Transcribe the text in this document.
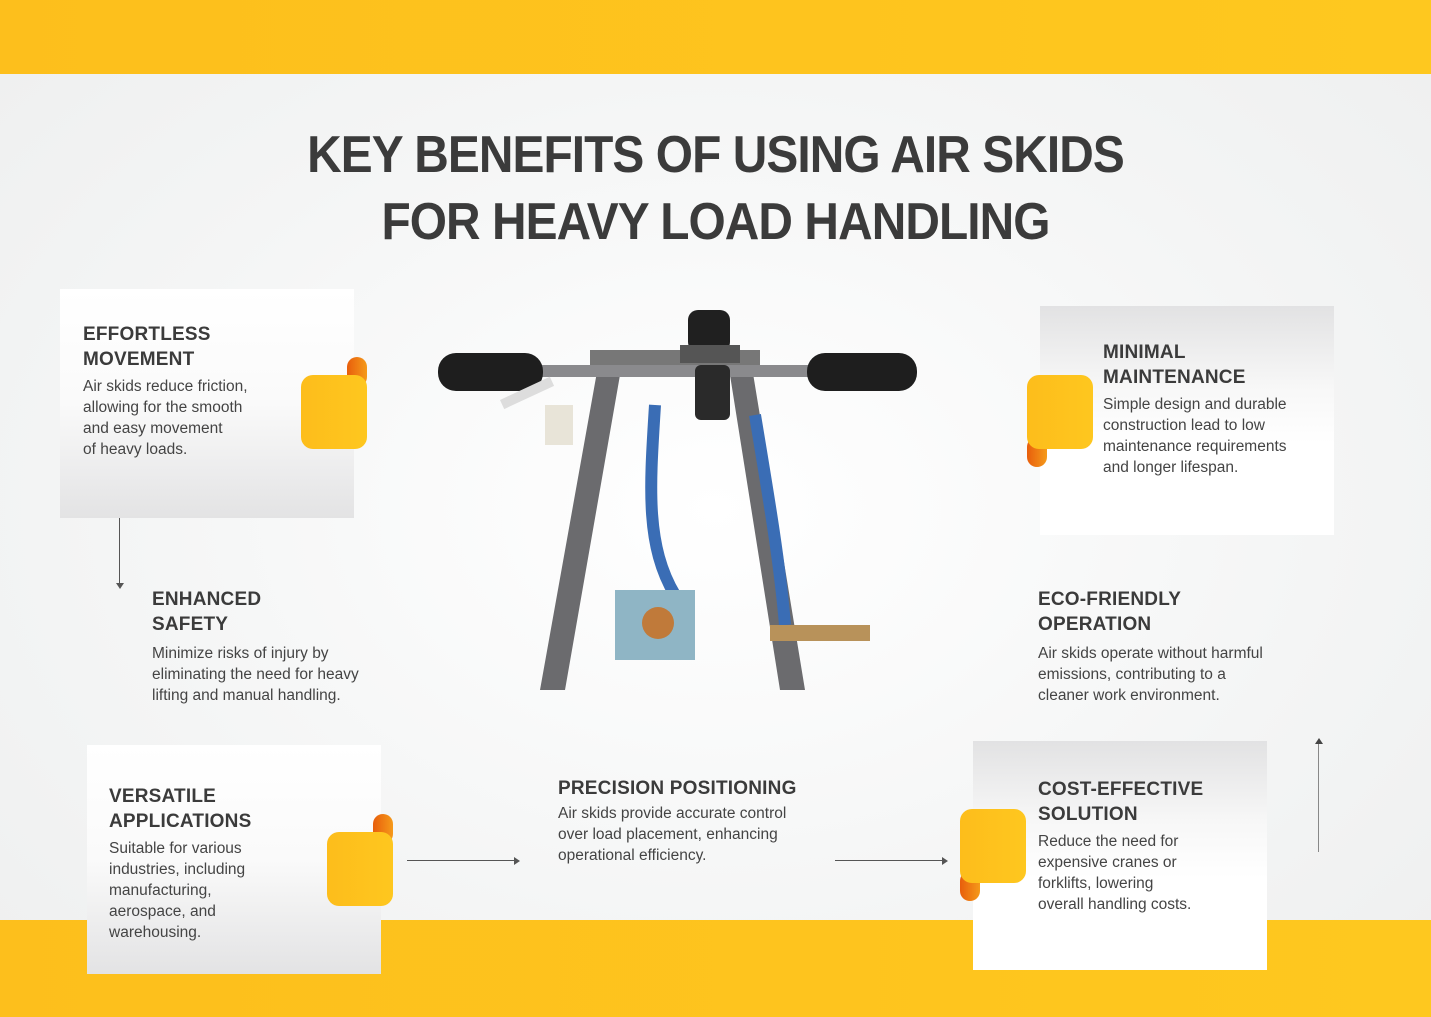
KEY BENEFITS OF USING AIR SKIDS
FOR HEAVY LOAD HANDLING
EFFORTLESS
MOVEMENT
Air skids reduce friction,
allowing for the smooth
and easy movement
of heavy loads.
MINIMAL
MAINTENANCE
Simple design and durable
construction lead to low
maintenance requirements
and longer lifespan.
ENHANCED
SAFETY
Minimize risks of injury by
eliminating the need for heavy
lifting and manual handling.
ECO-FRIENDLY
OPERATION
Air skids operate without harmful
emissions, contributing to a
cleaner work environment.
VERSATILE
APPLICATIONS
Suitable for various
industries, including
manufacturing,
aerospace, and
warehousing.
PRECISION POSITIONING
Air skids provide accurate control
over load placement, enhancing
operational efficiency.
COST-EFFECTIVE
SOLUTION
Reduce the need for
expensive cranes or
forklifts, lowering
overall handling costs.
